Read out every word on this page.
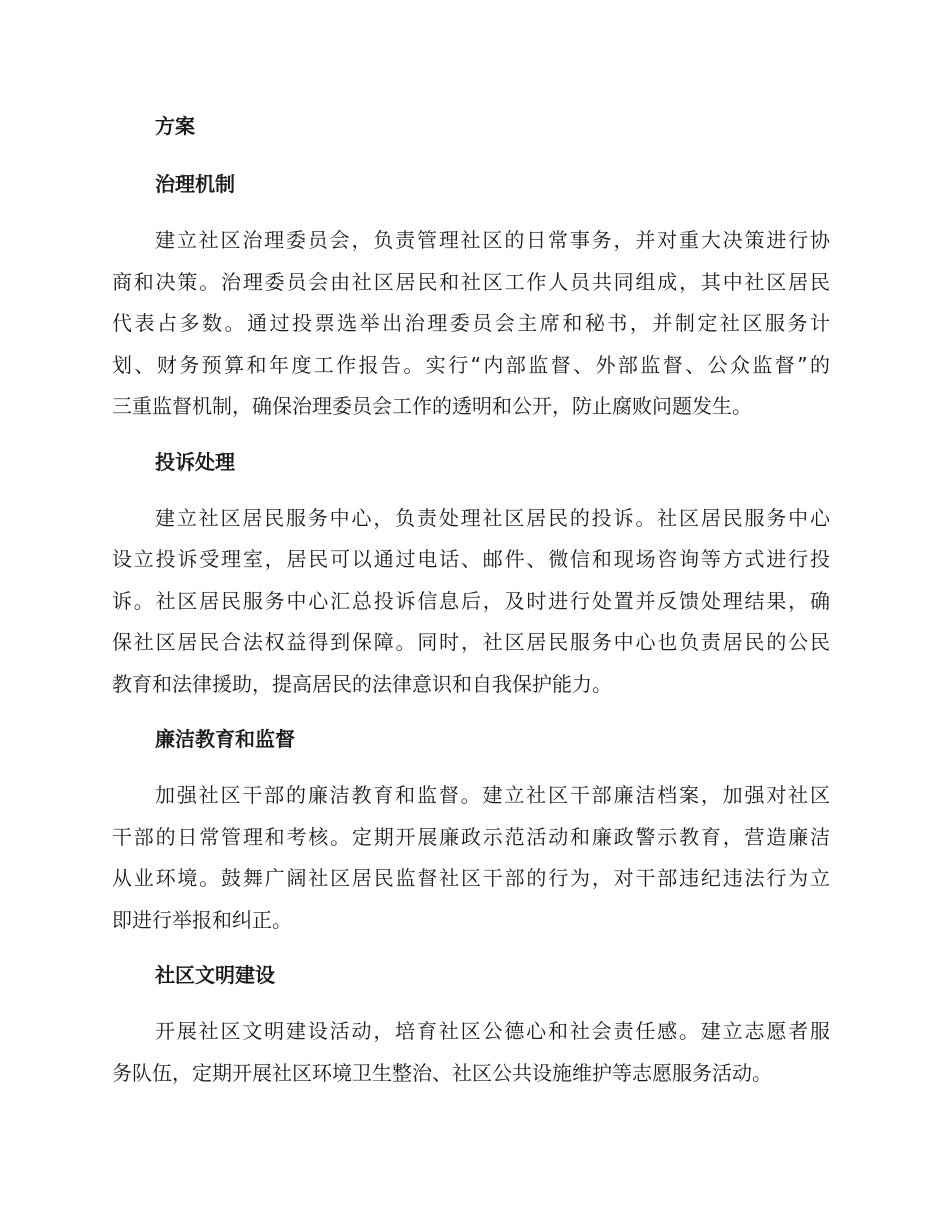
方案
治理机制
建立社区治理委员会，负责管理社区的日常事务，并对重大决策进行协
商和决策。治理委员会由社区居民和社区工作人员共同组成，其中社区居民
代表占多数。通过投票选举出治理委员会主席和秘书，并制定社区服务计
划、财务预算和年度工作报告。实行“内部监督、外部监督、公众监督”的
三重监督机制，确保治理委员会工作的透明和公开，防止腐败问题发生。
投诉处理
建立社区居民服务中心，负责处理社区居民的投诉。社区居民服务中心
设立投诉受理室，居民可以通过电话、邮件、微信和现场咨询等方式进行投
诉。社区居民服务中心汇总投诉信息后，及时进行处置并反馈处理结果，确
保社区居民合法权益得到保障。同时，社区居民服务中心也负责居民的公民
教育和法律援助，提高居民的法律意识和自我保护能力。
廉洁教育和监督
加强社区干部的廉洁教育和监督。建立社区干部廉洁档案，加强对社区
干部的日常管理和考核。定期开展廉政示范活动和廉政警示教育，营造廉洁
从业环境。鼓舞广阔社区居民监督社区干部的行为，对干部违纪违法行为立
即进行举报和纠正。
社区文明建设
开展社区文明建设活动，培育社区公德心和社会责任感。建立志愿者服
务队伍，定期开展社区环境卫生整治、社区公共设施维护等志愿服务活动。
